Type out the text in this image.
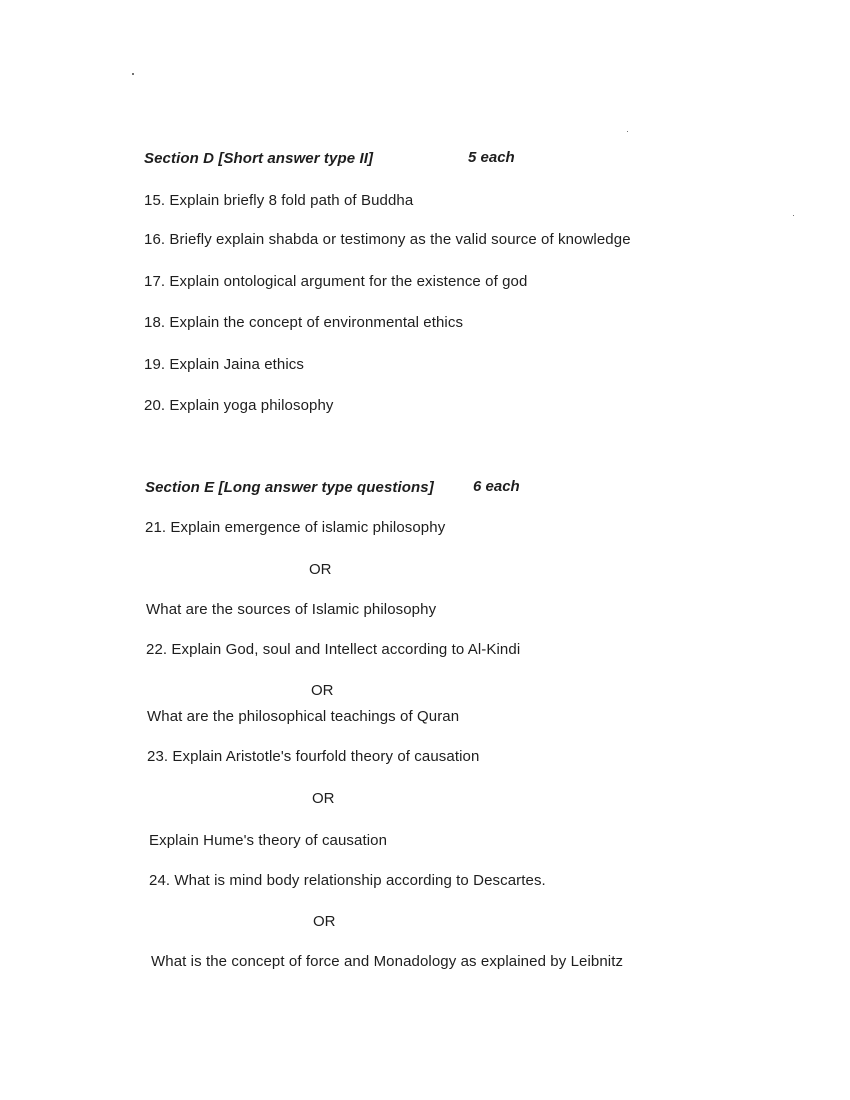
Section D [Short answer type II]	5 each
15. Explain briefly 8 fold path of Buddha
16. Briefly explain shabda or testimony as the valid source of knowledge
17. Explain ontological argument for the existence of god
18. Explain the concept of environmental ethics
19. Explain Jaina ethics
20. Explain yoga philosophy
Section E [Long answer type questions]	6 each
21. Explain emergence of islamic philosophy
OR
What are the sources of Islamic philosophy
22. Explain God, soul and Intellect according to Al-Kindi
OR
What are the philosophical teachings of Quran
23. Explain Aristotle's fourfold theory of causation
OR
Explain Hume's theory of causation
24. What is mind body relationship according to Descartes.
OR
What is the concept of force and Monadology as explained by Leibnitz
